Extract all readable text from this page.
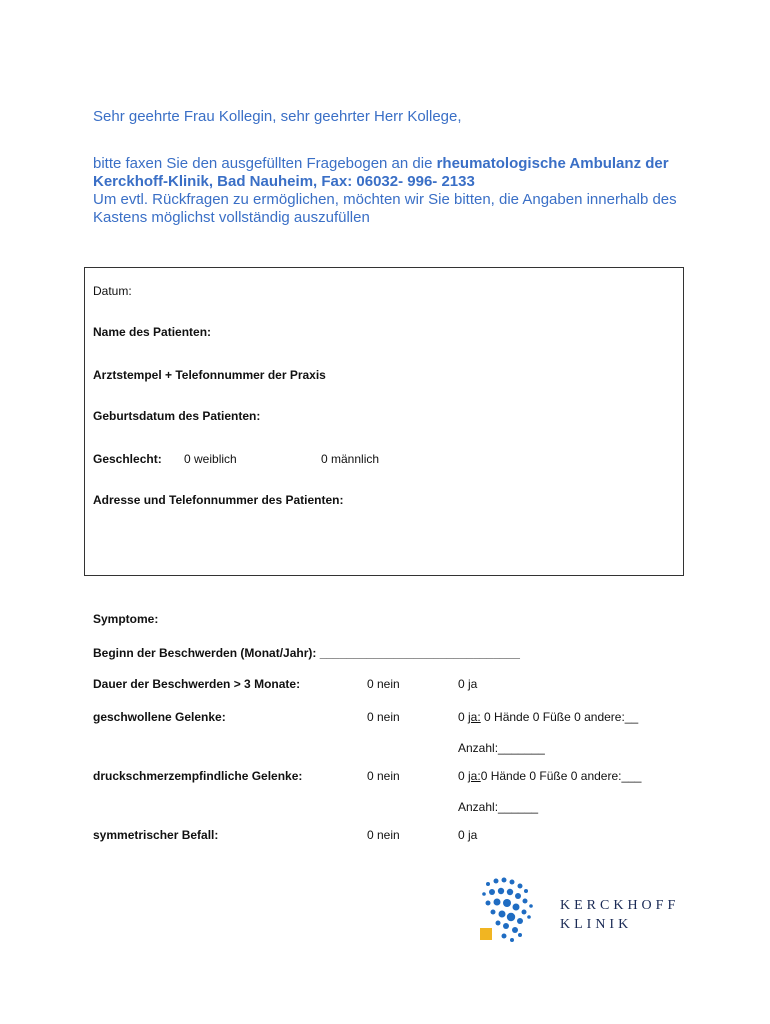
Sehr geehrte Frau Kollegin, sehr geehrter Herr Kollege,
bitte faxen Sie den ausgefüllten Fragebogen an die rheumatologische Ambulanz der Kerckhoff-Klinik, Bad Nauheim, Fax: 06032- 996- 2133
Um evtl. Rückfragen zu ermöglichen, möchten wir Sie bitten, die Angaben innerhalb des Kastens möglichst vollständig auszufüllen
Datum:
Name des Patienten:
Arztstempel + Telefonnummer der Praxis
Geburtsdatum des Patienten:
Geschlecht: 0 weiblich	0 männlich
Adresse und Telefonnummer des Patienten:
Symptome:
Beginn der Beschwerden (Monat/Jahr): ______________________________
Dauer der Beschwerden > 3 Monate:	0 nein	0 ja
geschwollene Gelenke:	0 nein	0 ja: 0 Hände 0 Füße 0 andere:__
Anzahl:_______
druckschmerzempfindliche Gelenke:	0 nein	0 ja:0 Hände 0 Füße 0 andere:___
Anzahl:______
symmetrischer Befall:	0 nein	0 ja
KERCKHOFF
KLINIK
